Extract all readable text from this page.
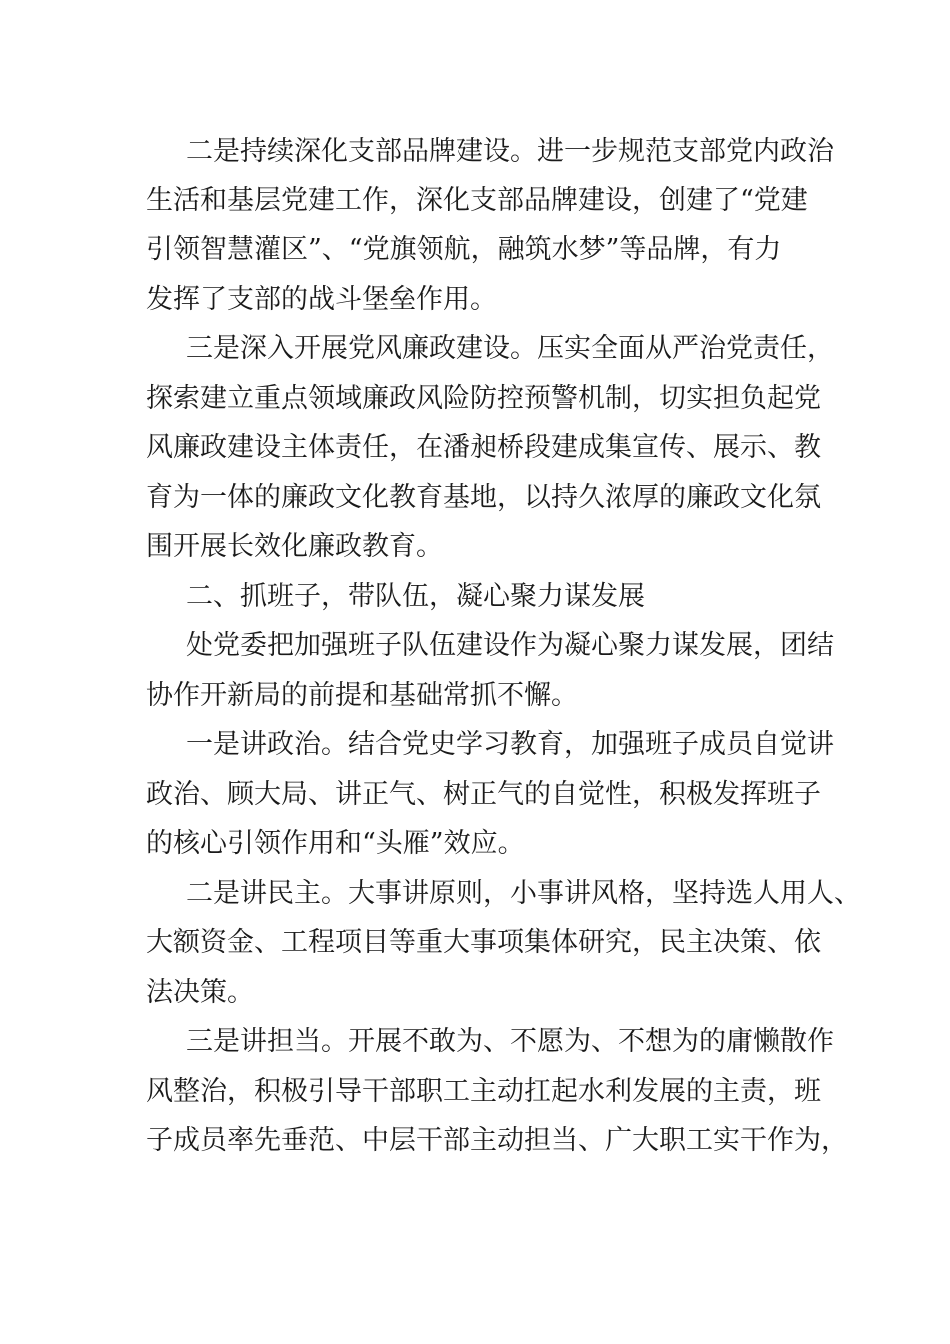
二是持续深化支部品牌建设。进一步规范支部党内政治
生活和基层党建工作，深化支部品牌建设，创建了“党建
引领智慧灌区”、“党旗领航，融筑水梦”等品牌，有力
发挥了支部的战斗堡垒作用。
三是深入开展党风廉政建设。压实全面从严治党责任，
探索建立重点领域廉政风险防控预警机制，切实担负起党
风廉政建设主体责任，在潘昶桥段建成集宣传、展示、教
育为一体的廉政文化教育基地，以持久浓厚的廉政文化氛
围开展长效化廉政教育。
二、抓班子，带队伍，凝心聚力谋发展
处党委把加强班子队伍建设作为凝心聚力谋发展，团结
协作开新局的前提和基础常抓不懈。
一是讲政治。结合党史学习教育，加强班子成员自觉讲
政治、顾大局、讲正气、树正气的自觉性，积极发挥班子
的核心引领作用和“头雁”效应。
二是讲民主。大事讲原则，小事讲风格，坚持选人用人、
大额资金、工程项目等重大事项集体研究，民主决策、依
法决策。
三是讲担当。开展不敢为、不愿为、不想为的庸懒散作
风整治，积极引导干部职工主动扛起水利发展的主责，班
子成员率先垂范、中层干部主动担当、广大职工实干作为，
